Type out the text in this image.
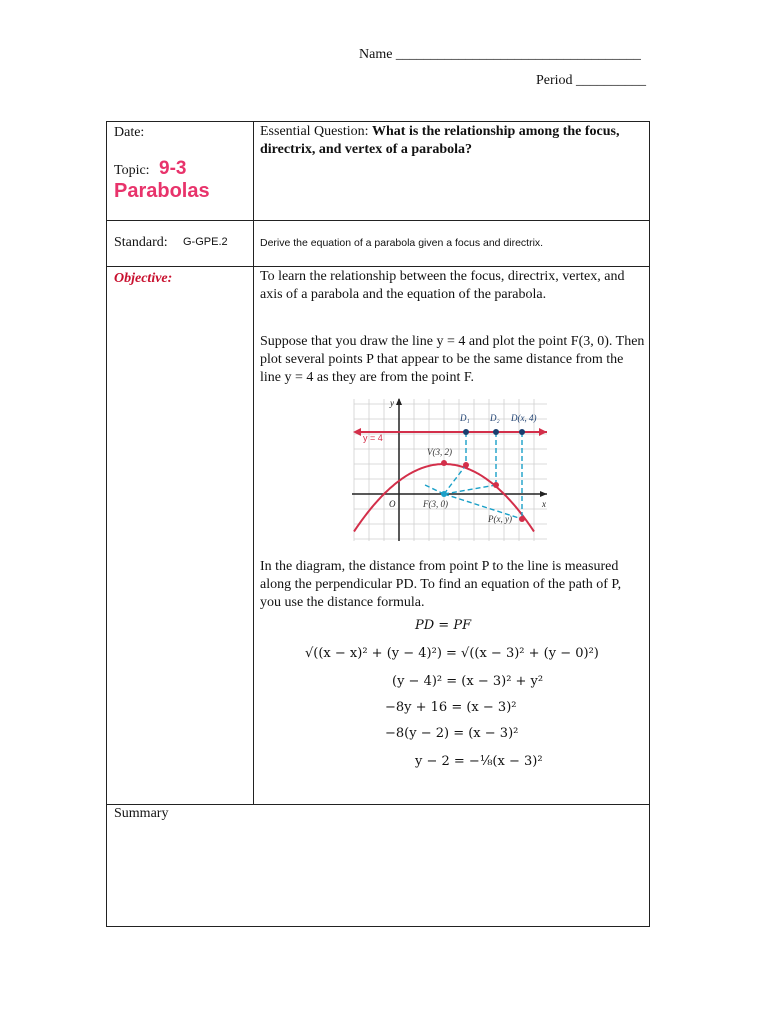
Name ___________________________________
Period __________
Date:
Topic: 9-3
Parabolas
Essential Question: What is the relationship among the focus, directrix, and vertex of a parabola?
Standard: G-GPE.2	Derive the equation of a parabola given a focus and directrix.
Objective:	To learn the relationship between the focus, directrix, vertex, and axis of a parabola and the equation of the parabola.
Suppose that you draw the line y = 4 and plot the point F(3, 0). Then plot several points P that appear to be the same distance from the line y = 4 as they are from the point F.
In the diagram, the distance from point P to the line is measured along the perpendicular PD. To find an equation of the path of P, you use the distance formula.
PD = PF
√((x − x)² + (y − 4)²) = √((x − 3)² + (y − 0)²)
(y − 4)² = (x − 3)² + y²
−8y + 16 = (x − 3)²
−8(y − 2) = (x − 3)²
y − 2 = −⅛(x − 3)²
Summary
y = 4
V(3, 2)
F(3, 0)
P(x, y)
O	x
y
D₁ D₂ D(x, 4)
